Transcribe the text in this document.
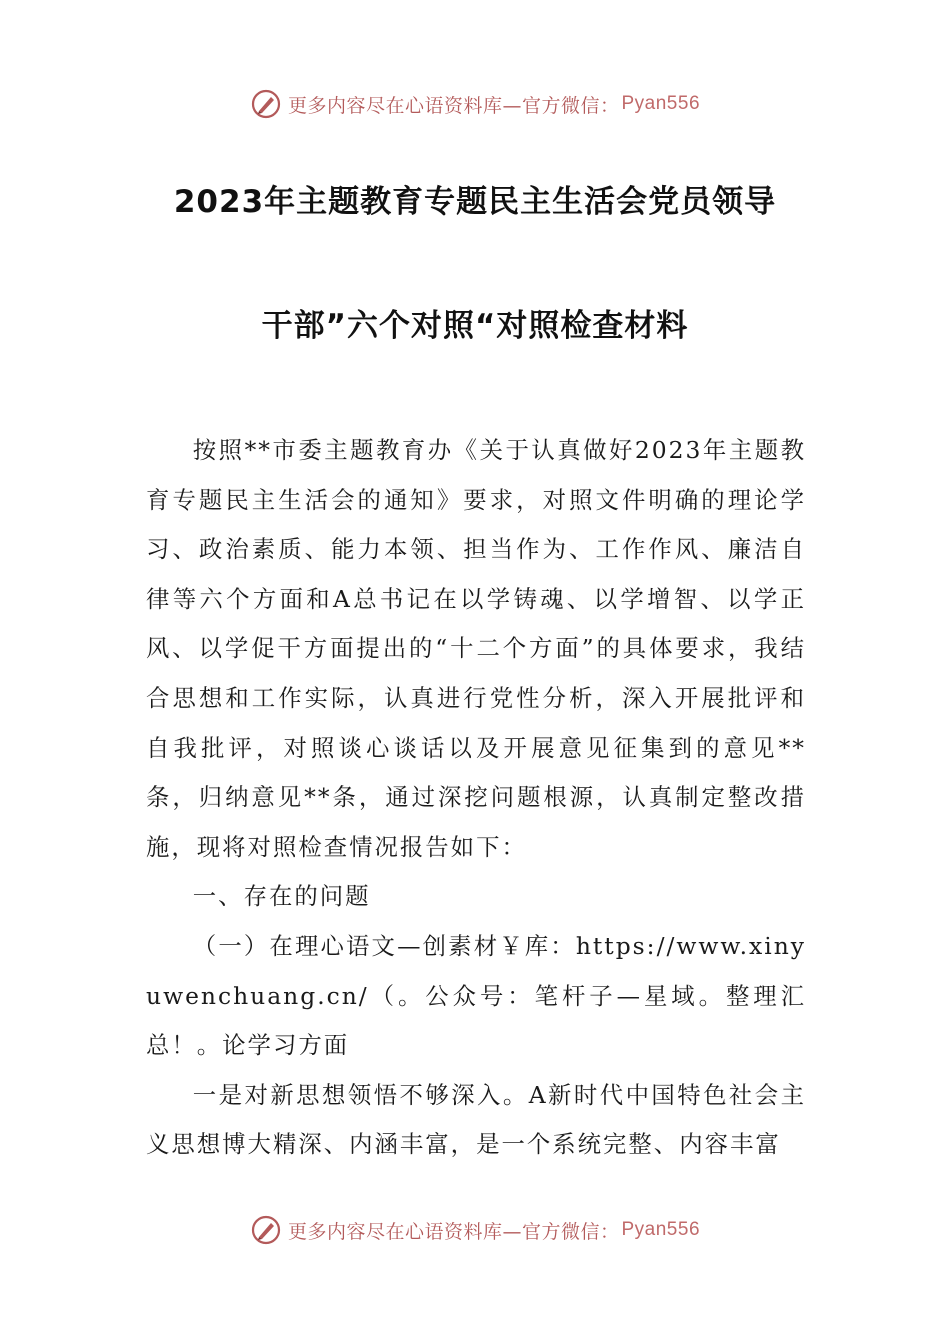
更多内容尽在心语资料库—官方微信： Pyan556
2023年主题教育专题民主生活会党员领导
干部”六个对照“对照检查材料

按照**市委主题教育办《关于认真做好2023年主题教育专题民主生活会的通知》要求，对照文件明确的理论学习、政治素质、能力本领、担当作为、工作作风、廉洁自律等六个方面和A总书记在以学铸魂、以学增智、以学正风、以学促干方面提出的“十二个方面”的具体要求，我结合思想和工作实际，认真进行党性分析，深入开展批评和自我批评，对照谈心谈话以及开展意见征集到的意见**条，归纳意见**条，通过深挖问题根源，认真制定整改措施，现将对照检查情况报告如下：

一、存在的问题

（一）在理心语文—创素材￥库：https://www.xinyuwenchuang.cn/（。公众号：笔杆子—星域。整理汇总！。论学习方面

一是对新思想领悟不够深入。A新时代中国特色社会主义思想博大精深、内涵丰富，是一个系统完整、内容丰富

更多内容尽在心语资料库—官方微信： Pyan556
